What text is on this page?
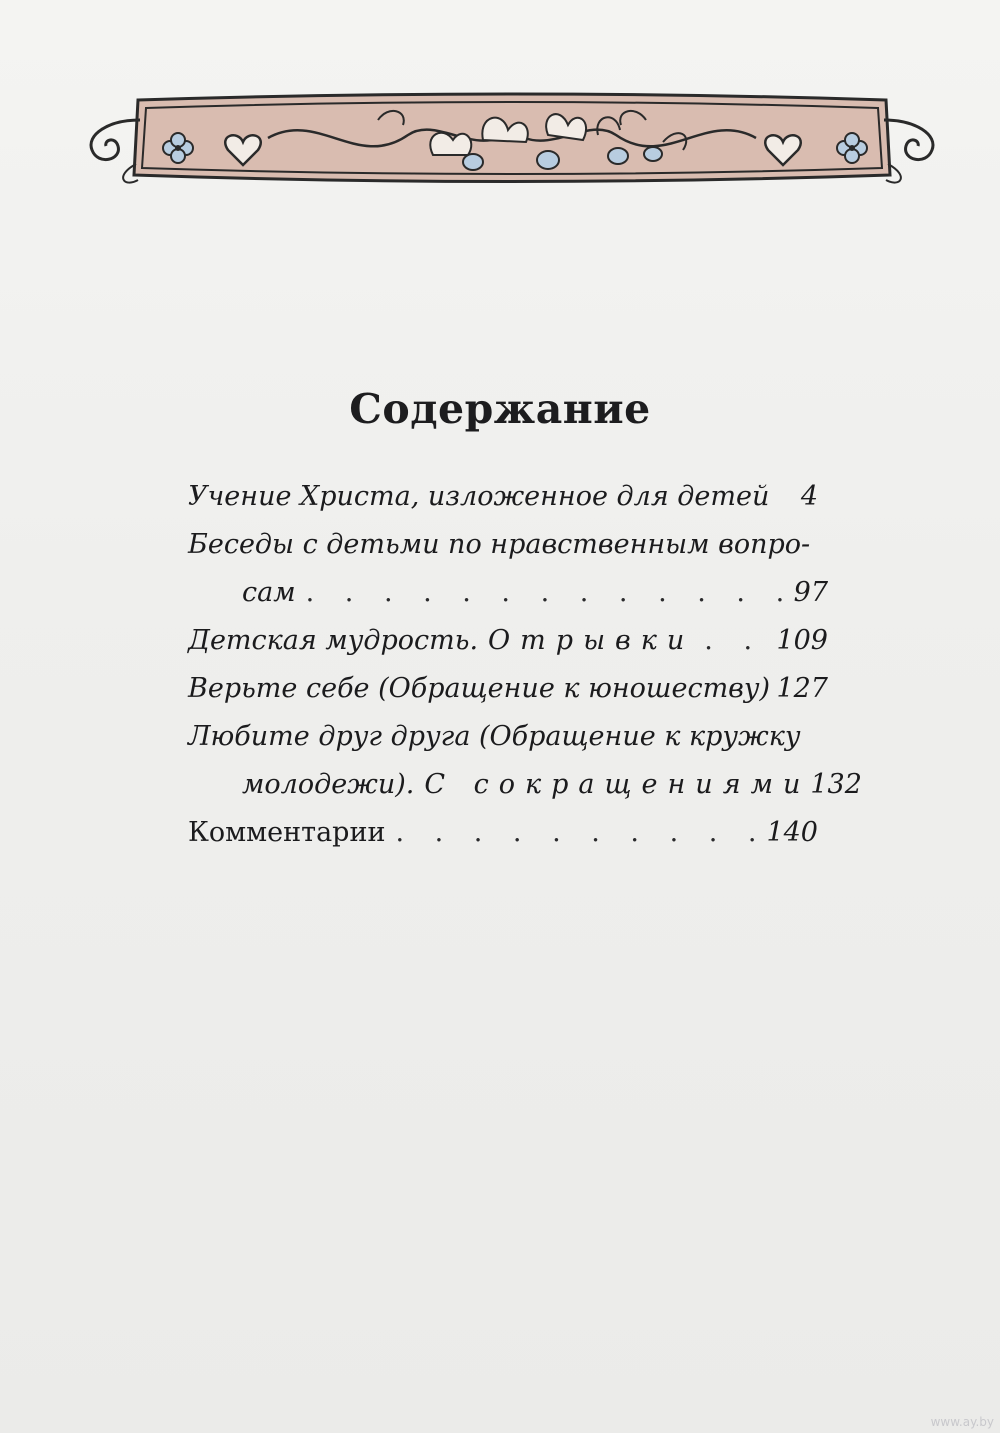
Содержание
Учение Христа, изложенное для детей 4
Беседы с детьми по нравственным вопро-
сам . . .	97
Детская мудрость. Отрывки . . .	109
Верьте себе (Обращение к юношеству) 127
Любите друг друга (Обращение к кружку
молодежи). С сокращениями 132
Комментарии . . .	140
www.ay.by
